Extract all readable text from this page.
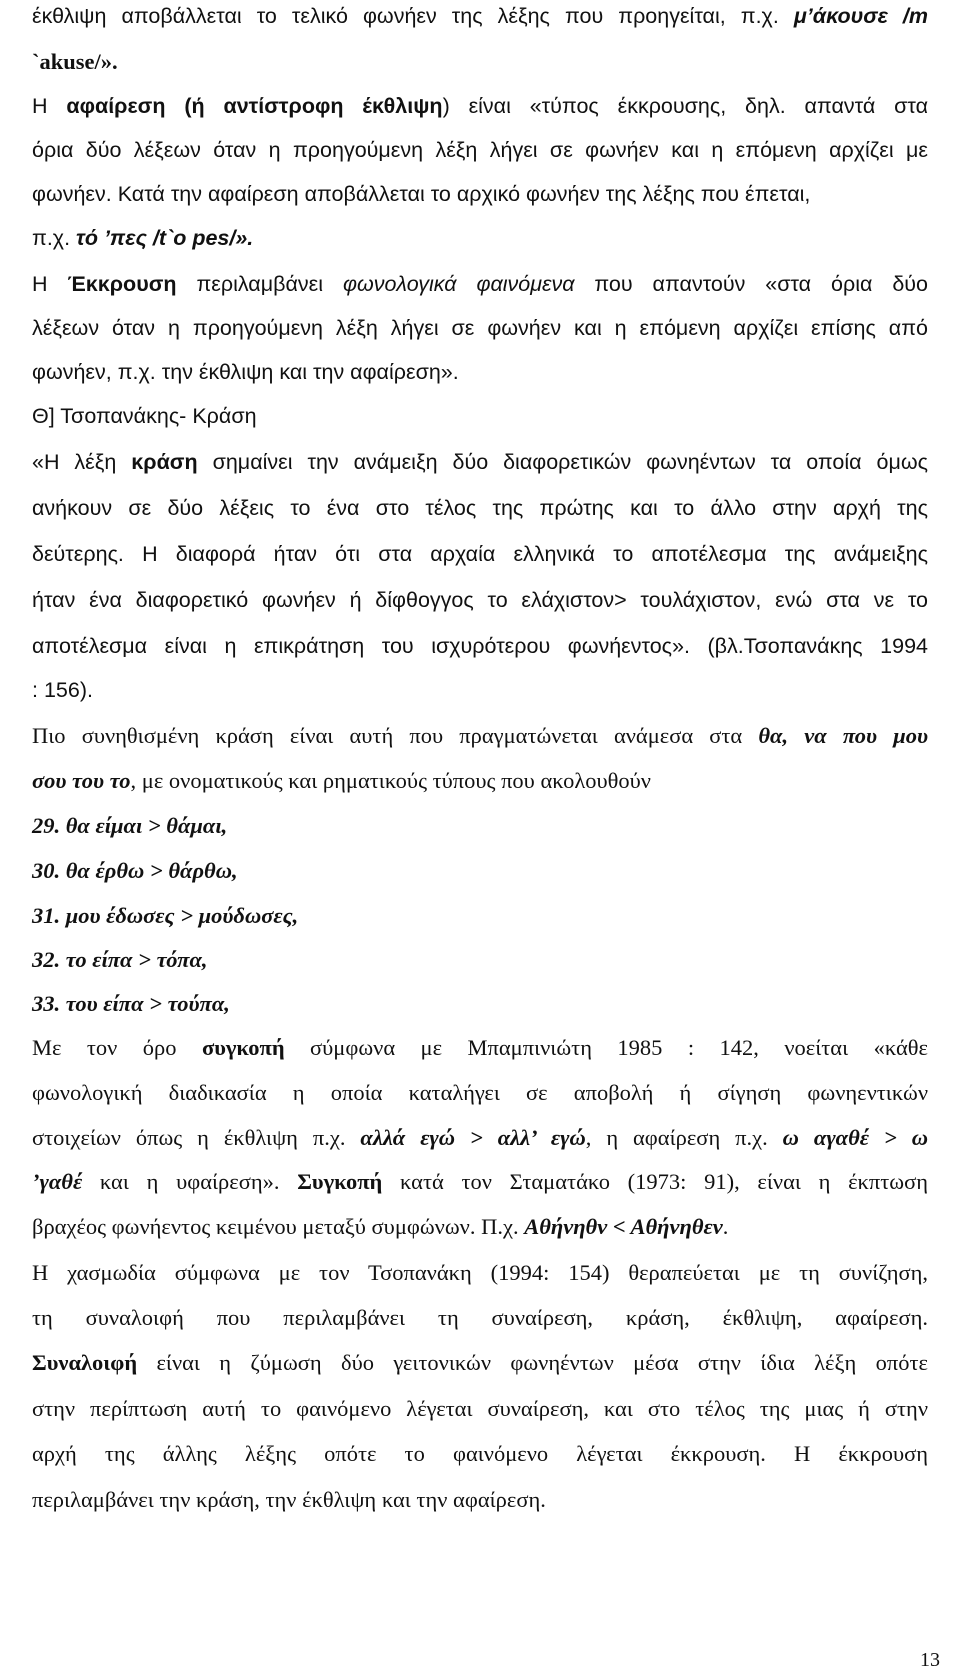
έκθλιψη αποβάλλεται το τελικό φωνήεν της λέξης που προηγείται, π.χ. μ’άκουσε /m
`akuse/».
Η αφαίρεση (ή αντίστροφη έκθλιψη) είναι «τύπος έκκρουσης, δηλ. απαντά στα
όρια δύο λέξεων όταν η προηγούμενη λέξη λήγει σε φωνήεν και η επόμενη αρχίζει με
φωνήεν. Κατά την αφαίρεση αποβάλλεται το αρχικό φωνήεν της λέξης που έπεται,
π.χ. τό ’πες /t`o pes/».
Η Έκκρουση περιλαμβάνει φωνολογικά φαινόμενα που απαντούν «στα όρια δύο
λέξεων όταν η προηγούμενη λέξη λήγει σε φωνήεν και η επόμενη αρχίζει επίσης από
φωνήεν, π.χ. την έκθλιψη και την αφαίρεση».
Θ] Τσοπανάκης- Κράση
«Η λέξη κράση σημαίνει την ανάμειξη δύο διαφορετικών φωνηέντων τα οποία όμως
ανήκουν σε δύο λέξεις το ένα στο τέλος της πρώτης και το άλλο στην αρχή της
δεύτερης. Η διαφορά ήταν ότι στα αρχαία ελληνικά το αποτέλεσμα της ανάμειξης
ήταν ένα διαφορετικό φωνήεν ή δίφθογγος το ελάχιστον> τουλάχιστον, ενώ στα νε το
αποτέλεσμα είναι η επικράτηση του ισχυρότερου φωνήεντος». (βλ.Τσοπανάκης 1994
: 156).
Πιο συνηθισμένη κράση είναι αυτή που πραγματώνεται ανάμεσα στα θα, να που μου
σου του το, με ονοματικούς και ρηματικούς τύπους που ακολουθούν
29. θα είμαι > θάμαι,
30. θα έρθω > θάρθω,
31. μου έδωσες > μούδωσες,
32. το είπα > τόπα,
33. του είπα > τούπα,
Με τον όρο συγκοπή σύμφωνα με Μπαμπινιώτη 1985 : 142, νοείται «κάθε
φωνολογική διαδικασία η οποία καταλήγει σε αποβολή ή σίγηση φωνηεντικών
στοιχείων όπως η έκθλιψη π.χ. αλλά εγώ > αλλ’ εγώ, η αφαίρεση π.χ. ω αγαθέ > ω
’γαθέ και η υφαίρεση». Συγκοπή κατά τον Σταματάκο (1973: 91), είναι η έκπτωση
βραχέος φωνήεντος κειμένου μεταξύ συμφώνων. Π.χ. Αθήνηθν < Αθήνηθεν.
Η χασμωδία σύμφωνα με τον Τσοπανάκη (1994: 154) θεραπεύεται με τη συνίζηση,
τη συναλοιφή που περιλαμβάνει τη συναίρεση, κράση, έκθλιψη, αφαίρεση.
Συναλοιφή είναι η ζύμωση δύο γειτονικών φωνηέντων μέσα στην ίδια λέξη οπότε
στην περίπτωση αυτή το φαινόμενο λέγεται συναίρεση, και στο τέλος της μιας ή στην
αρχή της άλλης λέξης οπότε το φαινόμενο λέγεται έκκρουση. Η έκκρουση
περιλαμβάνει την κράση, την έκθλιψη και την αφαίρεση.
13
